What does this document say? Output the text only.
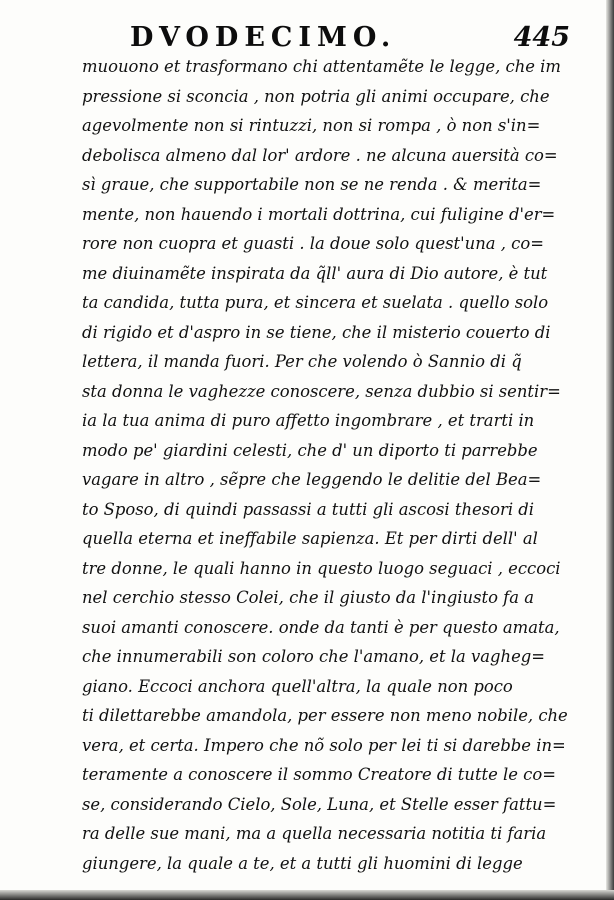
DVODECIMO.	445
muouono et trasformano chi attentamẽte le legge, che im
pressione si sconcia , non potria gli animi occupare, che
agevolmente non si rintuzzi, non si rompa , ò non s'in=
debolisca almeno dal lor' ardore . ne alcuna auersità co=
sì graue, che supportabile non se ne renda . & merita=
mente, non hauendo i mortali dottrina, cui fuligine d'er=
rore non cuopra et guasti . la doue solo quest'una , co=
me diuinamẽte inspirata da q̃ll' aura di Dio autore, è tut
ta candida, tutta pura, et sincera et suelata . quello solo
di rigido et d'aspro in se tiene, che il misterio couerto di
lettera, il manda fuori. Per che volendo ò Sannio di q̃
sta donna le vaghezze conoscere, senza dubbio si sentir=
ia la tua anima di puro affetto ingombrare , et trarti in
modo pe' giardini celesti, che d' un diporto ti parrebbe
vagare in altro , sẽpre che leggendo le delitie del Bea=
to Sposo, di quindi passassi a tutti gli ascosi thesori di
quella eterna et ineffabile sapienza. Et per dirti dell' al
tre donne, le quali hanno in questo luogo seguaci , eccoci
nel cerchio stesso Colei, che il giusto da l'ingiusto fa a
suoi amanti conoscere. onde da tanti è per questo amata,
che innumerabili son coloro che l'amano, et la vagheg=
giano. Eccoci anchora quell'altra, la quale non poco
ti dilettarebbe amandola, per essere non meno nobile, che
vera, et certa. Impero che nõ solo per lei ti si darebbe in=
teramente a conoscere il sommo Creatore di tutte le co=
se, considerando Cielo, Sole, Luna, et Stelle esser fattu=
ra delle sue mani, ma a quella necessaria notitia ti faria
giungere, la quale a te, et a tutti gli huomini di legge
